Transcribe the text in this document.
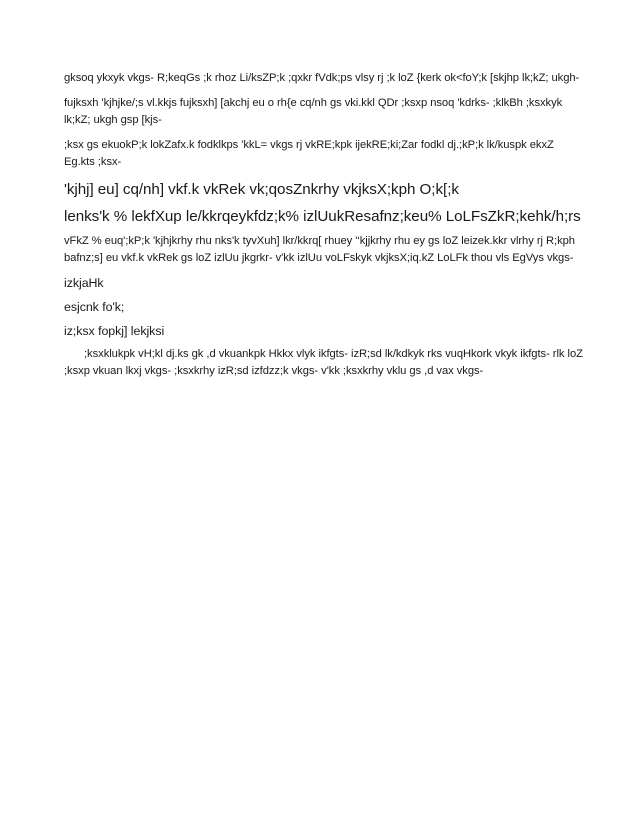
gksoq ykxyk vkgs- R;keqGs ;k rhoz Li/ksZP;k ;qxkr fVdk;ps vlsy rj ;k loZ {kerk ok<foY;k [skjhp lk;kZ; ukgh-

fujksxh 'kjhjke/;s vl.kkjs fujksxh] [akchj eu o rh{e cq/nh gs vki.kkl QDr ;ksxp nsoq 'kdrks- ;klkBh ;ksxkyk lk;kZ; ukgh gsp [kjs-

;ksx gs ekuokP;k lokZafx.k fodklkps 'kkL= vkgs rj vkRE;kpk ijekRE;ki;Zar fodkl dj.;kP;k lk/kuspk ekxZ Eg.kts ;ksx-

'kjhj] eu] cq/nh] vkf.k vkRek vk;qosZnkrhy vkjksX;kph O;k[;k

lenks'k % lekfXup le/kkrqeykfdz;k% izlUukResafnz;keu% LoLFsZkR;kehk/h;rs

vFkZ % euq';kP;k 'kjhjkrhy rhu nks'k tyvXuh] lkr/kkrq[ rhuey '‘kjjkrhy rhu ey gs loZ leizek.kkr vlrhy rj R;kph bafnz;s] eu vkf.k vkRek gs loZ izlUu jkgrkr- v'kk izlUu voLFskyk vkjksX;iq.kZ LoLFk thou vls EgVys vkgs-

izkjaHk

esjcnk fo'k;

iz;ksx fopkj] lekjksi

;ksxklukpk vH;kl dj.ks gk ,d vkuankpk Hkkx vlyk ikfgts- izR;sd lk/kdkyk rks vuqHkork vkyk ikfgts- rlk loZ ;ksxp vkuan lkxj vkgs- ;ksxkrhy izR;sd izfdzz;k vkgs- v'kk ;ksxkrhy vklu gs ,d vax vkgs-
